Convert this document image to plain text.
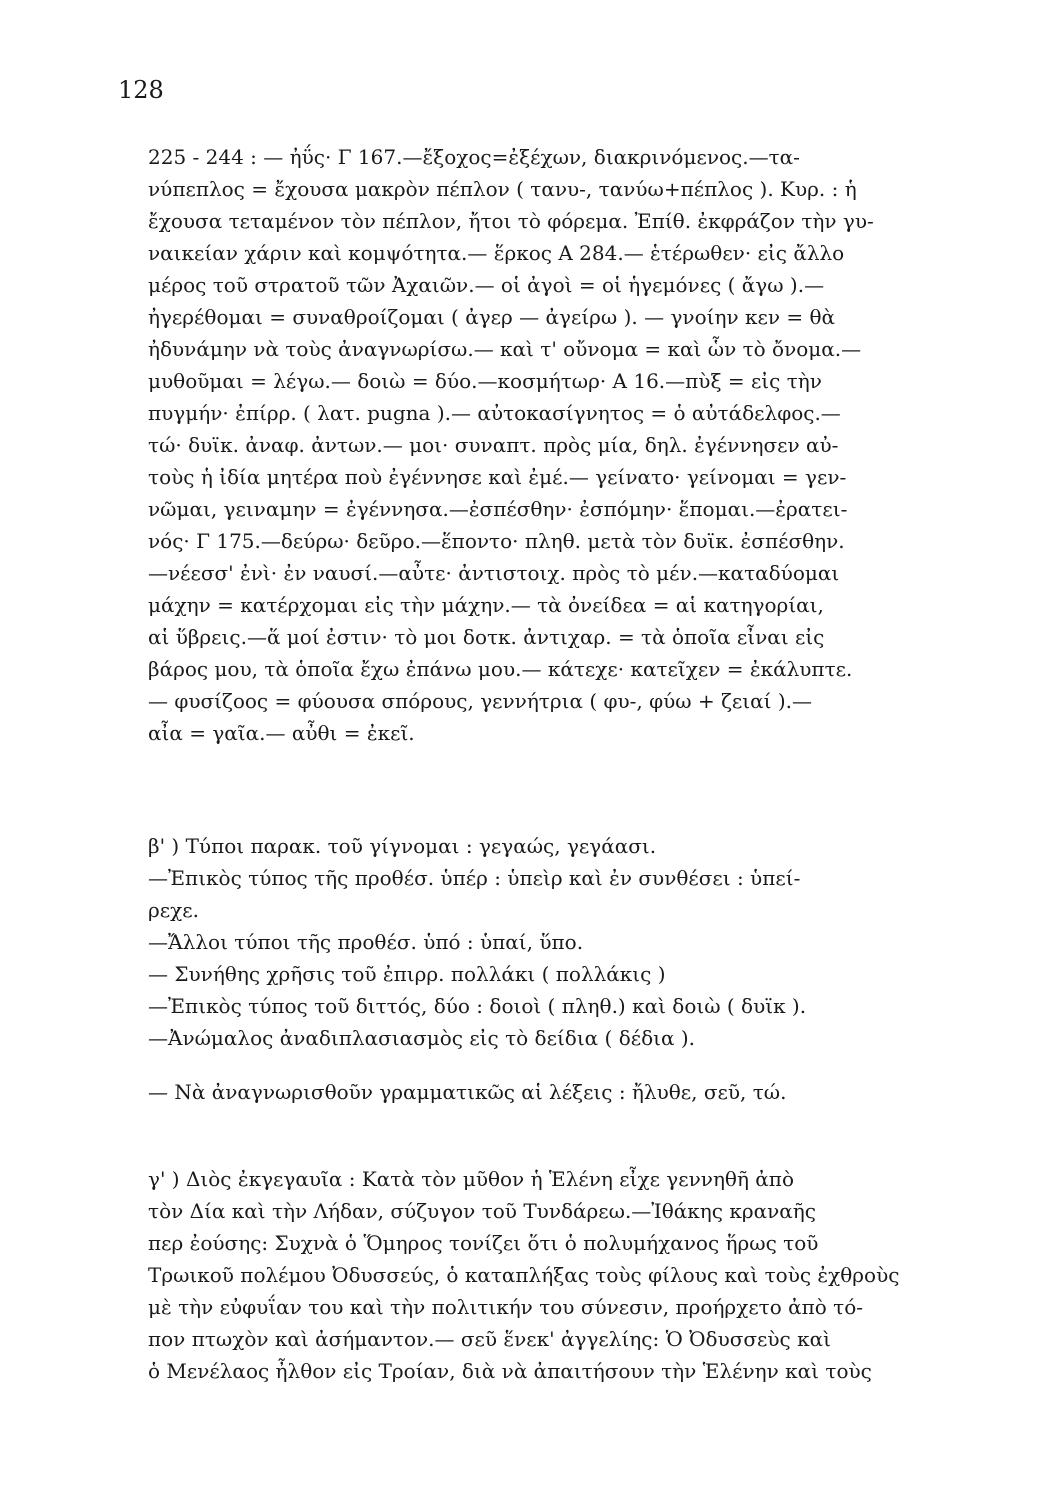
128
225 - 244 : — ἠΰς· Γ 167.—ἔξοχος=ἐξέχων, διακρινόμενος.—τα-
νύπεπλος = ἔχουσα μακρὸν πέπλον ( τανυ-, τανύω+πέπλος ). Κυρ. : ἡ
ἔχουσα τεταμένον τὸν πέπλον, ἤτοι τὸ φόρεμα. Ἐπίθ. ἐκφράζον τὴν γυ-
ναικείαν χάριν καὶ κομψότητα.— ἕρκος Α 284.— ἑτέρωθεν· εἰς ἄλλο
μέρος τοῦ στρατοῦ τῶν Ἀχαιῶν.— οἱ ἀγοὶ = οἱ ἡγεμόνες ( ἄγω ).—
ἠγερέθομαι = συναθροίζομαι ( ἀγερ — ἀγείρω ). — γνοίην κεν = θὰ
ἠδυνάμην νὰ τοὺς ἀναγνωρίσω.— καὶ τ' οὔνομα = καὶ ὧν τὸ ὄνομα.—
μυθοῦμαι = λέγω.— δοιὼ = δύο.—κοσμήτωρ· Α 16.—πὺξ = εἰς τὴν
πυγμήν· ἐπίρρ. ( λατ. pugna ).— αὐτοκασίγνητος = ὁ αὐτάδελφος.—
τώ· δυϊκ. ἀναφ. ἀντων.— μοι· συναπτ. πρὸς μία, δηλ. ἐγέννησεν αὐ-
τοὺς ἡ ἰδία μητέρα ποὺ ἐγέννησε καὶ ἐμέ.— γείνατο· γείνομαι = γεν-
νῶμαι, γειναμην = ἐγέννησα.—ἐσπέσθην· ἐσπόμην· ἕπομαι.—ἐρατει-
νός· Γ 175.—δεύρω· δεῦρο.—ἕποντο· πληθ. μετὰ τὸν δυϊκ. ἐσπέσθην.
—νέεσσ' ἐνὶ· ἐν ναυσί.—αὖτε· ἀντιστοιχ. πρὸς τὸ μέν.—καταδύομαι
μάχην = κατέρχομαι εἰς τὴν μάχην.— τὰ ὀνείδεα = αἱ κατηγορίαι,
αἱ ὕβρεις.—ἅ μοί ἐστιν· τὸ μοι δοτκ. ἀντιχαρ. = τὰ ὁποῖα εἶναι εἰς
βάρος μου, τὰ ὁποῖα ἔχω ἐπάνω μου.— κάτεχε· κατεῖχεν = ἐκάλυπτε.
— φυσίζοος = φύουσα σπόρους, γεννήτρια ( φυ-, φύω + ζειαί ).—
αἶα = γαῖα.— αὖθι = ἐκεῖ.
β' ) Τύποι παρακ. τοῦ γίγνομαι : γεγαώς, γεγάασι.
—Ἐπικὸς τύπος τῆς προθέσ. ὑπέρ : ὑπεὶρ καὶ ἐν συνθέσει : ὑπεί-
ρεχε.
—Ἄλλοι τύποι τῆς προθέσ. ὑπό : ὑπαί, ὕπο.
— Συνήθης χρῆσις τοῦ ἐπιρρ. πολλάκι ( πολλάκις )
—Ἐπικὸς τύπος τοῦ διττός, δύο : δοιοὶ ( πληθ.) καὶ δοιὼ ( δυϊκ ).
—Ἀνώμαλος ἀναδιπλασιασμὸς εἰς τὸ δείδια ( δέδια ).
— Νὰ ἀναγνωρισθοῦν γραμματικῶς αἱ λέξεις : ἤλυθε, σεῦ, τώ.
γ' ) Διὸς ἐκγεγαυῖα : Κατὰ τὸν μῦθον ἡ Ἑλένη εἶχε γεννηθῆ ἀπὸ
τὸν Δία καὶ τὴν Λήδαν, σύζυγον τοῦ Τυνδάρεω.—Ἰθάκης κραναῆς
περ ἐούσης: Συχνὰ ὁ Ὅμηρος τονίζει ὅτι ὁ πολυμήχανος ἥρως τοῦ
Τρωικοῦ πολέμου Ὀδυσσεύς, ὁ καταπλήξας τοὺς φίλους καὶ τοὺς ἐχθροὺς
μὲ τὴν εὐφυΐαν του καὶ τὴν πολιτικήν του σύνεσιν, προήρχετο ἀπὸ τό-
πον πτωχὸν καὶ ἀσήμαντον.— σεῦ ἕνεκ' ἀγγελίης: Ὁ Ὀδυσσεὺς καὶ
ὁ Μενέλαος ἦλθον εἰς Τροίαν, διὰ νὰ ἀπαιτήσουν τὴν Ἑλένην καὶ τοὺς
